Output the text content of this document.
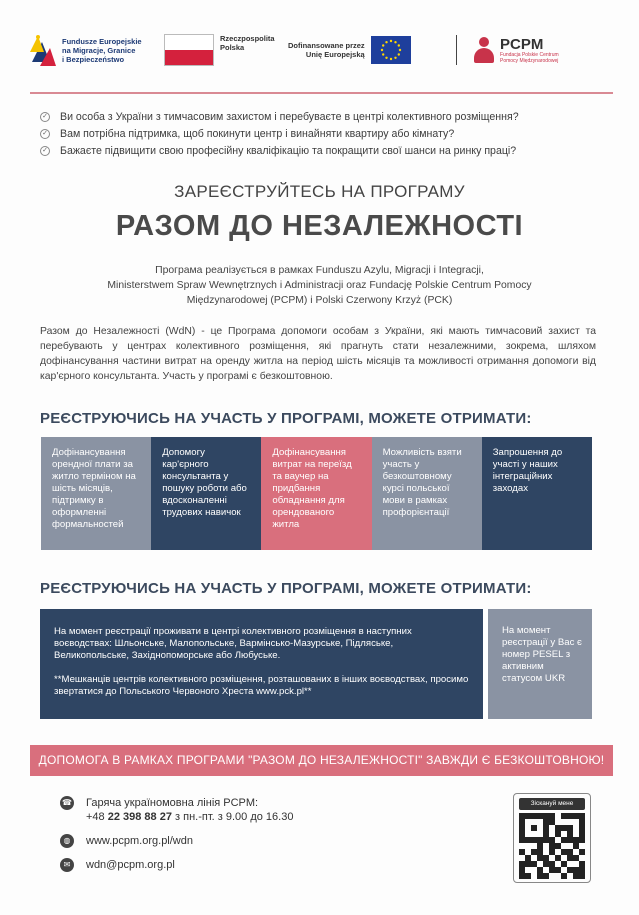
Fundusze Europejskie
na Migracje, Granice
i Bezpieczeństwo
Rzeczpospolita
Polska	Dofinansowane przez
Unię Europejską
PCPM
Fundacja Polskie Centrum
Pomocy Międzynarodowej
✓ Ви особа з України з тимчасовим захистом і перебуваєте в центрі колективного розміщення?
✓ Вам потрібна підтримка, щоб покинути центр і винайняти квартиру або кімнату?
✓ Бажаєте підвищити свою професійну кваліфікацію та покращити свої шанси на ринку праці?
ЗАРЕЄСТРУЙТЕСЬ НА ПРОГРАМУ
РАЗОМ ДО НЕЗАЛЕЖНОСТІ
Програма реалізується в рамках Funduszu Azylu, Migracji i Integracji,
Ministerstwem Spraw Wewnętrznych i Administracji oraz Fundację Polskie Centrum Pomocy
Międzynarodowej (PCPM) і Polski Czerwony Krzyż (PCK)
Разом до Незалежності (WdN) - це Програма допомоги особам з України, які мають тимчасовий захист та перебувають у центрах колективного розміщення, які прагнуть стати незалежними, зокрема, шляхом дофінансування частини витрат на оренду житла на період шість місяців та можливості отримання допомоги від кар'єрного консультанта. Участь у програмі є безкоштовною.
РЕЄСТРУЮЧИСЬ НА УЧАСТЬ У ПРОГРАМІ, МОЖЕТЕ ОТРИМАТИ:
Дофінансування орендної плати за житло терміном на шість місяців, підтримку в оформленні формальностей
Допомогу кар'єрного консультанта у пошуку роботи або вдосконаленні трудових навичок
Дофінансування витрат на переїзд та ваучер на придбання обладнання для орендованого житла
Можливість взяти участь у безкоштовному курсі польської мови в рамках профорієнтації
Запрошення до участі у наших інтеграційних заходах
РЕЄСТРУЮЧИСЬ НА УЧАСТЬ У ПРОГРАМІ, МОЖЕТЕ ОТРИМАТИ:
На момент реєстрації проживати в центрі колективного розміщення в наступних воєводствах: Шльонське, Малопольське, Вармінсько-Мазурське, Підляське, Великопольське, Західнопоморське або Любуське.
**Мешканців центрів колективного розміщення, розташованих в інших воєводствах, просимо звертатися до Польського Червоного Хреста www.pck.pl**
На момент реєстрації у Вас є номер PESEL з активним статусом UKR
ДОПОМОГА В РАМКАХ ПРОГРАМИ "РАЗОМ ДО НЕЗАЛЕЖНОСТІ" ЗАВЖДИ Є БЕЗКОШТОВНОЮ!
☎ Гаряча україномовна лінія PCPM:
+48 22 398 88 27 з пн.-пт. з 9.00 до 16.30
◍	www.pcpm.org.pl/wdn
✉	wdn@pcpm.org.pl
Зіскануй мене
